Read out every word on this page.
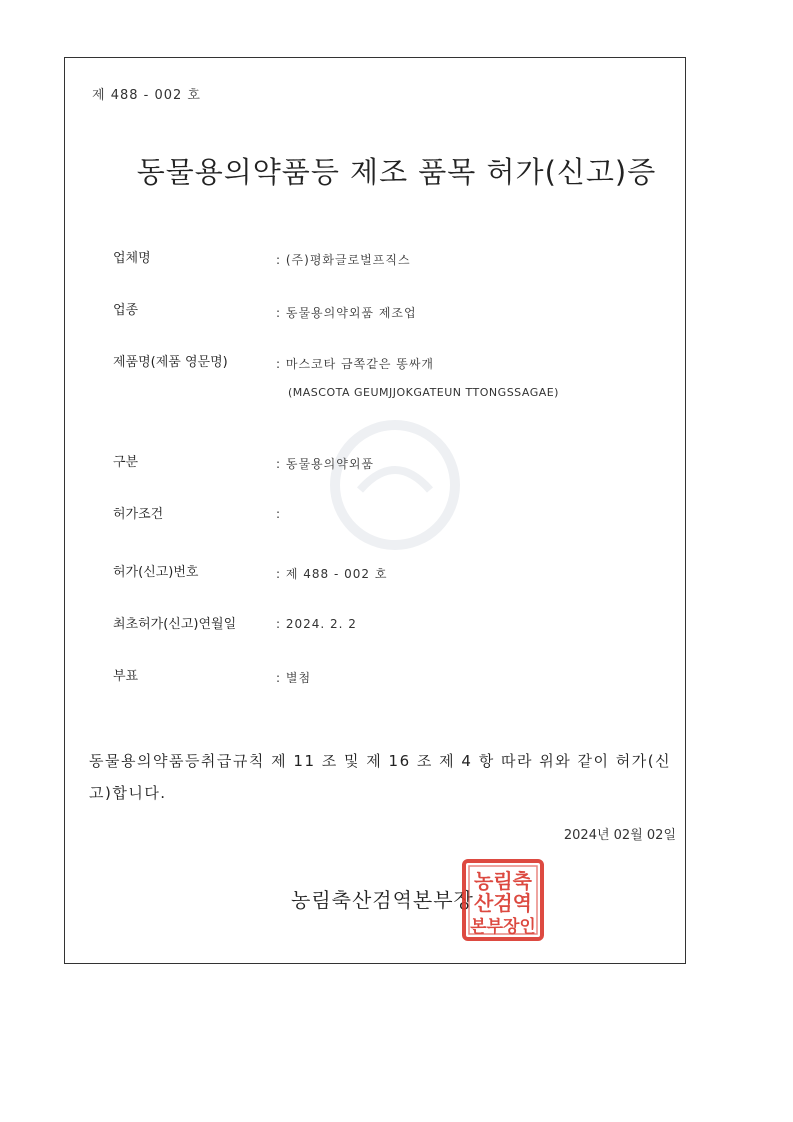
제 488 - 002 호
동물용의약품등 제조 품목 허가(신고)증
업체명	: (주)평화글로벌프직스
업종	: 동물용의약외품 제조업
제품명(제품 영문명)	: 마스코타 금쪽같은 똥싸개
(MASCOTA GEUMJJOKGATEUN TTONGSSAGAE)
구분	: 동물용의약외품
허가조건	:
허가(신고)번호	: 제 488 - 002 호
최초허가(신고)연월일	: 2024. 2. 2
부표	: 별첨
동물용의약품등취급규칙 제 11 조 및 제 16 조 제 4 항 따라 위와 같이 허가(신고)합니다.
2024년 02월 02일
농림축산검역본부장
농림축
산검역
본부장인
